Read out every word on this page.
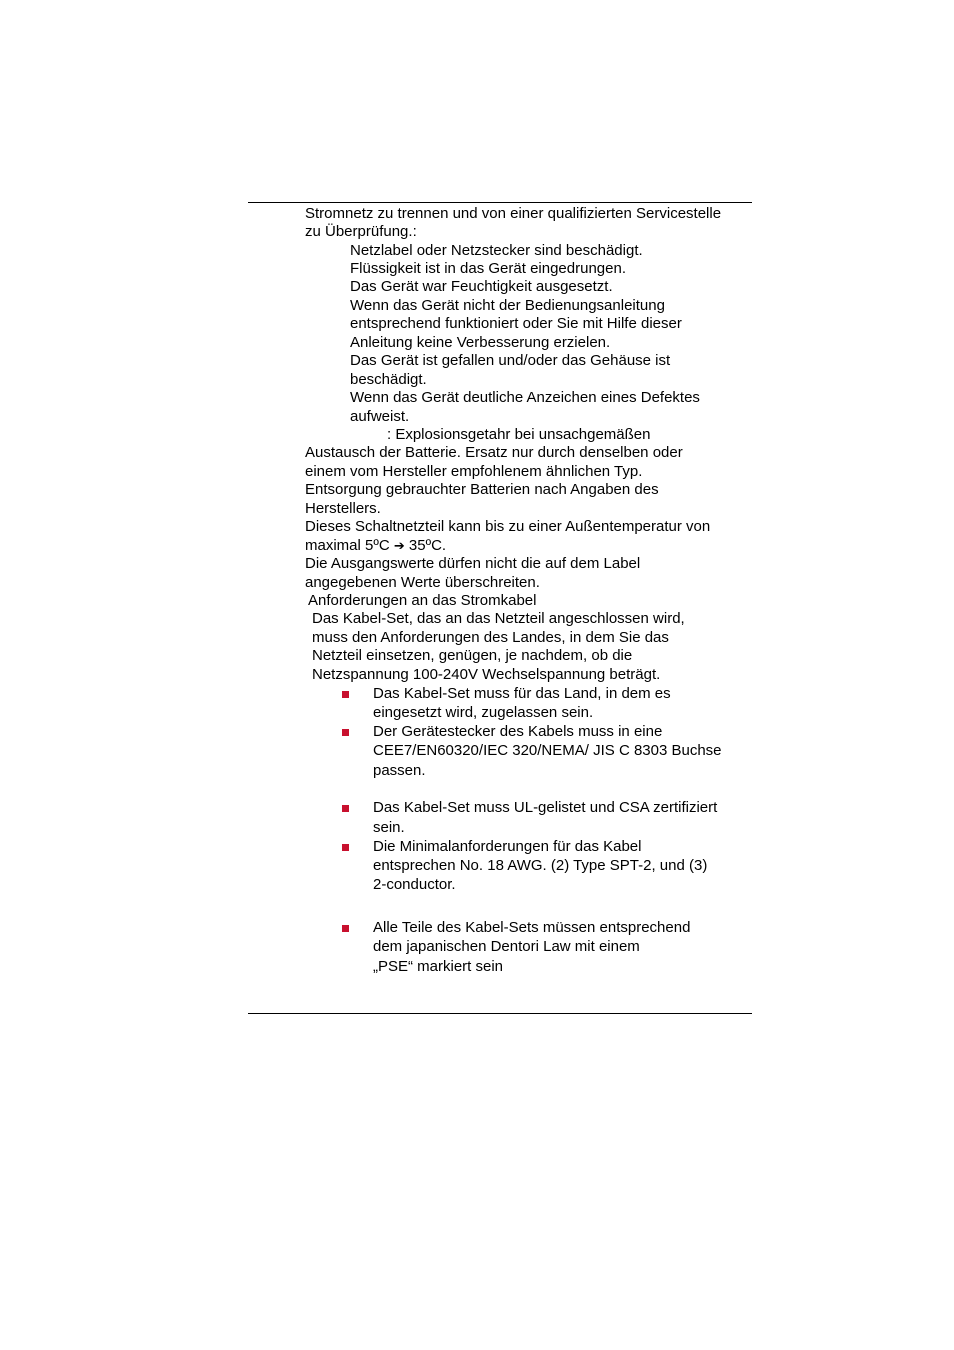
Stromnetz zu trennen und von einer qualifizierten Servicestelle
zu Überprüfung.:
Netzlabel oder Netzstecker sind beschädigt.
Flüssigkeit ist in das Gerät eingedrungen.
Das Gerät war Feuchtigkeit ausgesetzt.
Wenn das Gerät nicht der Bedienungsanleitung
entsprechend funktioniert oder Sie mit Hilfe dieser
Anleitung keine Verbesserung erzielen.
Das Gerät ist gefallen und/oder das Gehäuse ist
beschädigt.
Wenn das Gerät deutliche Anzeichen eines Defektes
aufweist.
: Explosionsgetahr bei unsachgemäßen
Austausch der Batterie. Ersatz nur durch denselben oder
einem vom Hersteller empfohlenem ähnlichen Typ.
Entsorgung gebrauchter Batterien nach Angaben des
Herstellers.
Dieses Schaltnetzteil kann bis zu einer Außentemperatur von
maximal 5ºC ➔ 35ºC.
Die Ausgangswerte dürfen nicht die auf dem Label
angegebenen Werte überschreiten.
Anforderungen an das Stromkabel
Das Kabel-Set, das an das Netzteil angeschlossen wird,
muss den Anforderungen des Landes, in dem Sie das
Netzteil einsetzen, genügen, je nachdem, ob die
Netzspannung 100-240V Wechselspannung beträgt.
Das Kabel-Set muss für das Land, in dem es
eingesetzt wird, zugelassen sein.
Der Gerätestecker des Kabels muss in eine
CEE7/EN60320/IEC 320/NEMA/ JIS C 8303 Buchse
passen.
Das Kabel-Set muss UL-gelistet und CSA zertifiziert
sein.
Die Minimalanforderungen für das Kabel
entsprechen No. 18 AWG. (2) Type SPT-2, und (3)
2-conductor.
Alle Teile des Kabel-Sets müssen entsprechend
dem japanischen Dentori Law mit einem
„PSE“ markiert sein
